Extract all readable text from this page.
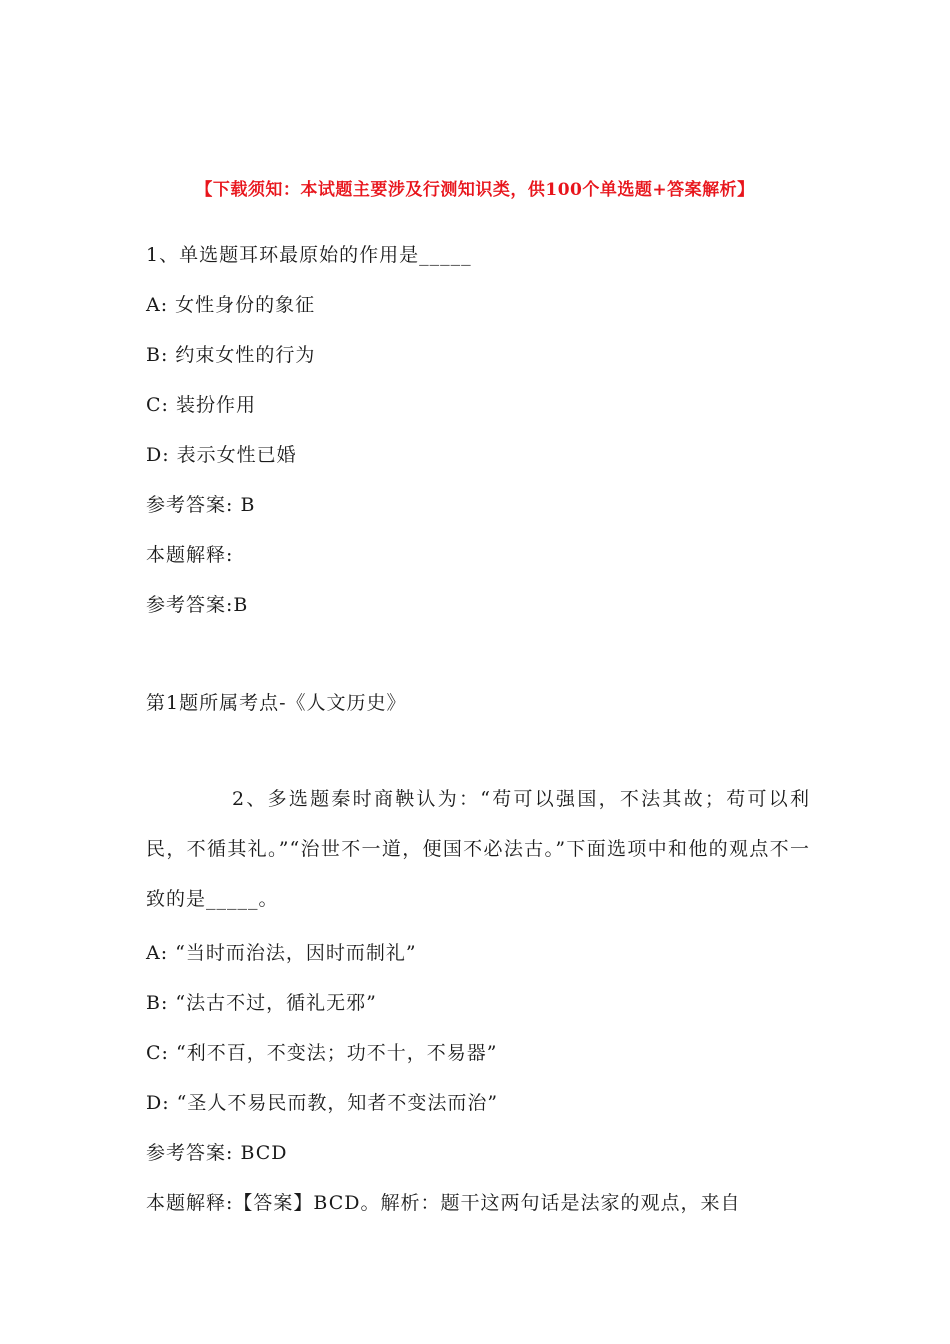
【下载须知：本试题主要涉及行测知识类，供100个单选题+答案解析】
1、单选题耳环最原始的作用是_____
A: 女性身份的象征
B: 约束女性的行为
C: 装扮作用
D: 表示女性已婚
参考答案: B
本题解释:
参考答案:B
第1题所属考点-《人文历史》
2、多选题秦时商鞅认为：“苟可以强国，不法其故；苟可以利民，不循其礼。”“治世不一道，便国不必法古。”下面选项中和他的观点不一致的是_____。
A: “当时而治法，因时而制礼”
B: “法古不过，循礼无邪”
C: “利不百，不变法；功不十，不易器”
D: “圣人不易民而教，知者不变法而治”
参考答案: BCD
本题解释:【答案】BCD。解析：题干这两句话是法家的观点，来自
